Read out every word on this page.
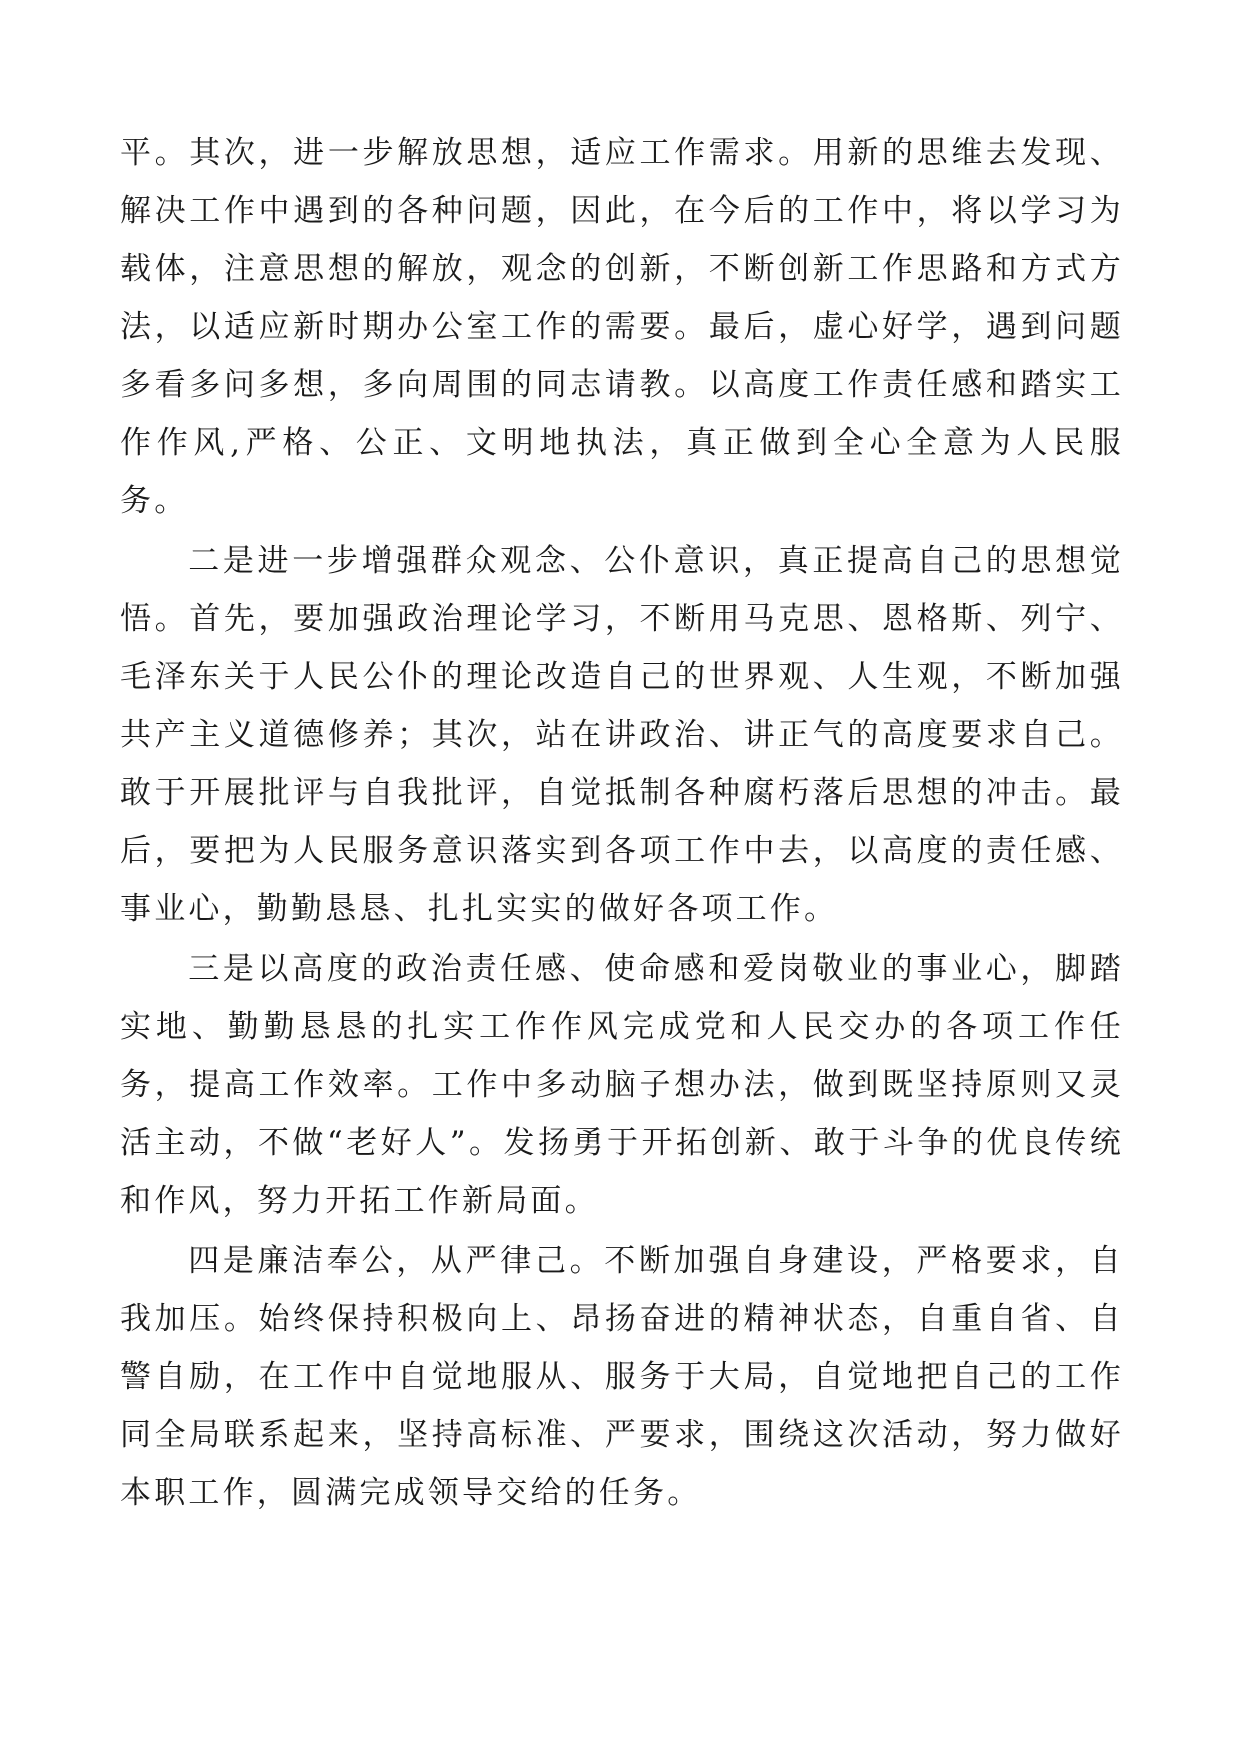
平。其次，进一步解放思想，适应工作需求。用新的思维去发现、解决工作中遇到的各种问题，因此，在今后的工作中，将以学习为载体，注意思想的解放，观念的创新，不断创新工作思路和方式方法，以适应新时期办公室工作的需要。最后，虚心好学，遇到问题多看多问多想，多向周围的同志请教。以高度工作责任感和踏实工作作风,严格、公正、文明地执法，真正做到全心全意为人民服务。

二是进一步增强群众观念、公仆意识，真正提高自己的思想觉悟。首先，要加强政治理论学习，不断用马克思、恩格斯、列宁、毛泽东关于人民公仆的理论改造自己的世界观、人生观，不断加强共产主义道德修养；其次，站在讲政治、讲正气的高度要求自己。敢于开展批评与自我批评，自觉抵制各种腐朽落后思想的冲击。最后，要把为人民服务意识落实到各项工作中去，以高度的责任感、事业心，勤勤恳恳、扎扎实实的做好各项工作。

三是以高度的政治责任感、使命感和爱岗敬业的事业心，脚踏实地、勤勤恳恳的扎实工作作风完成党和人民交办的各项工作任务，提高工作效率。工作中多动脑子想办法，做到既坚持原则又灵活主动，不做“老好人”。发扬勇于开拓创新、敢于斗争的优良传统和作风，努力开拓工作新局面。

四是廉洁奉公，从严律己。不断加强自身建设，严格要求，自我加压。始终保持积极向上、昂扬奋进的精神状态，自重自省、自警自励，在工作中自觉地服从、服务于大局，自觉地把自己的工作同全局联系起来，坚持高标准、严要求，围绕这次活动，努力做好本职工作，圆满完成领导交给的任务。
